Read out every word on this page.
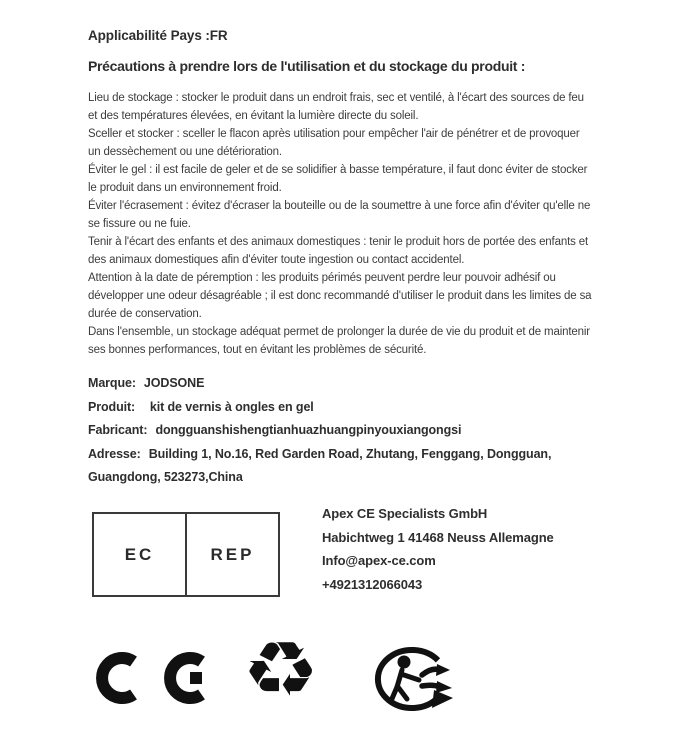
Applicabilité Pays :FR
Précautions à prendre lors de l'utilisation et du stockage du produit :

Lieu de stockage : stocker le produit dans un endroit frais, sec et ventilé, à l'écart des sources de feu et des températures élevées, en évitant la lumière directe du soleil.

Sceller et stocker : sceller le flacon après utilisation pour empêcher l'air de pénétrer et de provoquer un dessèchement ou une détérioration.

Éviter le gel : il est facile de geler et de se solidifier à basse température, il faut donc éviter de stocker le produit dans un environnement froid.

Éviter l'écrasement : évitez d'écraser la bouteille ou de la soumettre à une force afin d'éviter qu'elle ne se fissure ou ne fuie.

Tenir à l'écart des enfants et des animaux domestiques : tenir le produit hors de portée des enfants et des animaux domestiques afin d'éviter toute ingestion ou contact accidentel.

Attention à la date de péremption : les produits périmés peuvent perdre leur pouvoir adhésif ou développer une odeur désagréable ; il est donc recommandé d'utiliser le produit dans les limites de sa durée de conservation.

Dans l'ensemble, un stockage adéquat permet de prolonger la durée de vie du produit et de maintenir ses bonnes performances, tout en évitant les problèmes de sécurité.

Marque: JODSONE
Produit:  kit de vernis à ongles en gel
Fabricant: dongguanshishengtianhuazhuangpinyouxiangongsi
Adresse: Building 1, No.16, Red Garden Road, Zhutang, Fenggang, Dongguan, Guangdong, 523273,China
EC	REP

Apex CE Specialists GmbH

Habichtweg 1 41468 Neuss Allemagne

Info@apex-ce.com

+4921312066043

♻
